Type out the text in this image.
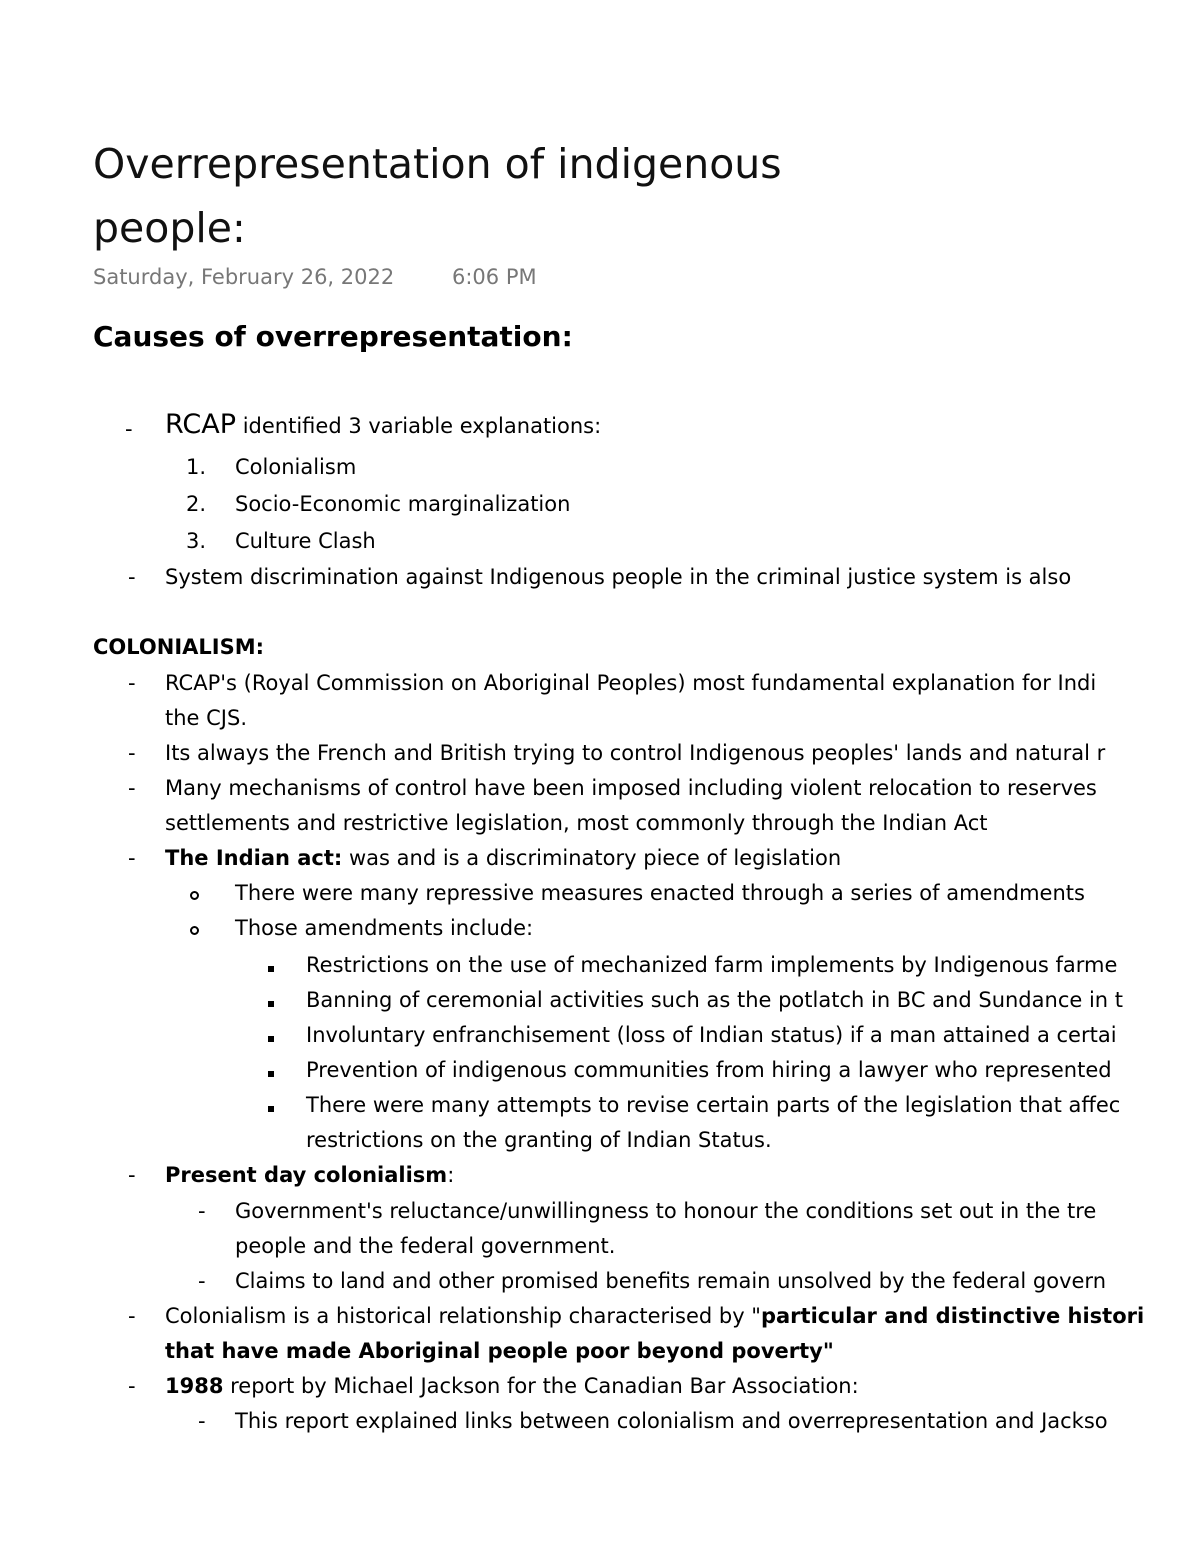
Overrepresentation of indigenous
people:
Saturday, February 26, 2022	6:06 PM
Causes of overrepresentation:
- RCAP identified 3 variable explanations:
1. Colonialism
2. Socio-Economic marginalization
3. Culture Clash
- System discrimination against Indigenous people in the criminal justice system is also
COLONIALISM:
- RCAP's (Royal Commission on Aboriginal Peoples) most fundamental explanation for Indi
the CJS.
- Its always the French and British trying to control Indigenous peoples' lands and natural r
- Many mechanisms of control have been imposed including violent relocation to reserves
settlements and restrictive legislation, most commonly through the Indian Act
- The Indian act: was and is a discriminatory piece of legislation
There were many repressive measures enacted through a series of amendments
Those amendments include:
Restrictions on the use of mechanized farm implements by Indigenous farme
Banning of ceremonial activities such as the potlatch in BC and Sundance in t
Involuntary enfranchisement (loss of Indian status) if a man attained a certai
Prevention of indigenous communities from hiring a lawyer who represented
There were many attempts to revise certain parts of the legislation that affec
restrictions on the granting of Indian Status.
- Present day colonialism:
- Government's reluctance/unwillingness to honour the conditions set out in the tre
people and the federal government.
- Claims to land and other promised benefits remain unsolved by the federal govern
- Colonialism is a historical relationship characterised by "particular and distinctive histori
that have made Aboriginal people poor beyond poverty"
- 1988 report by Michael Jackson for the Canadian Bar Association:
- This report explained links between colonialism and overrepresentation and Jackso
